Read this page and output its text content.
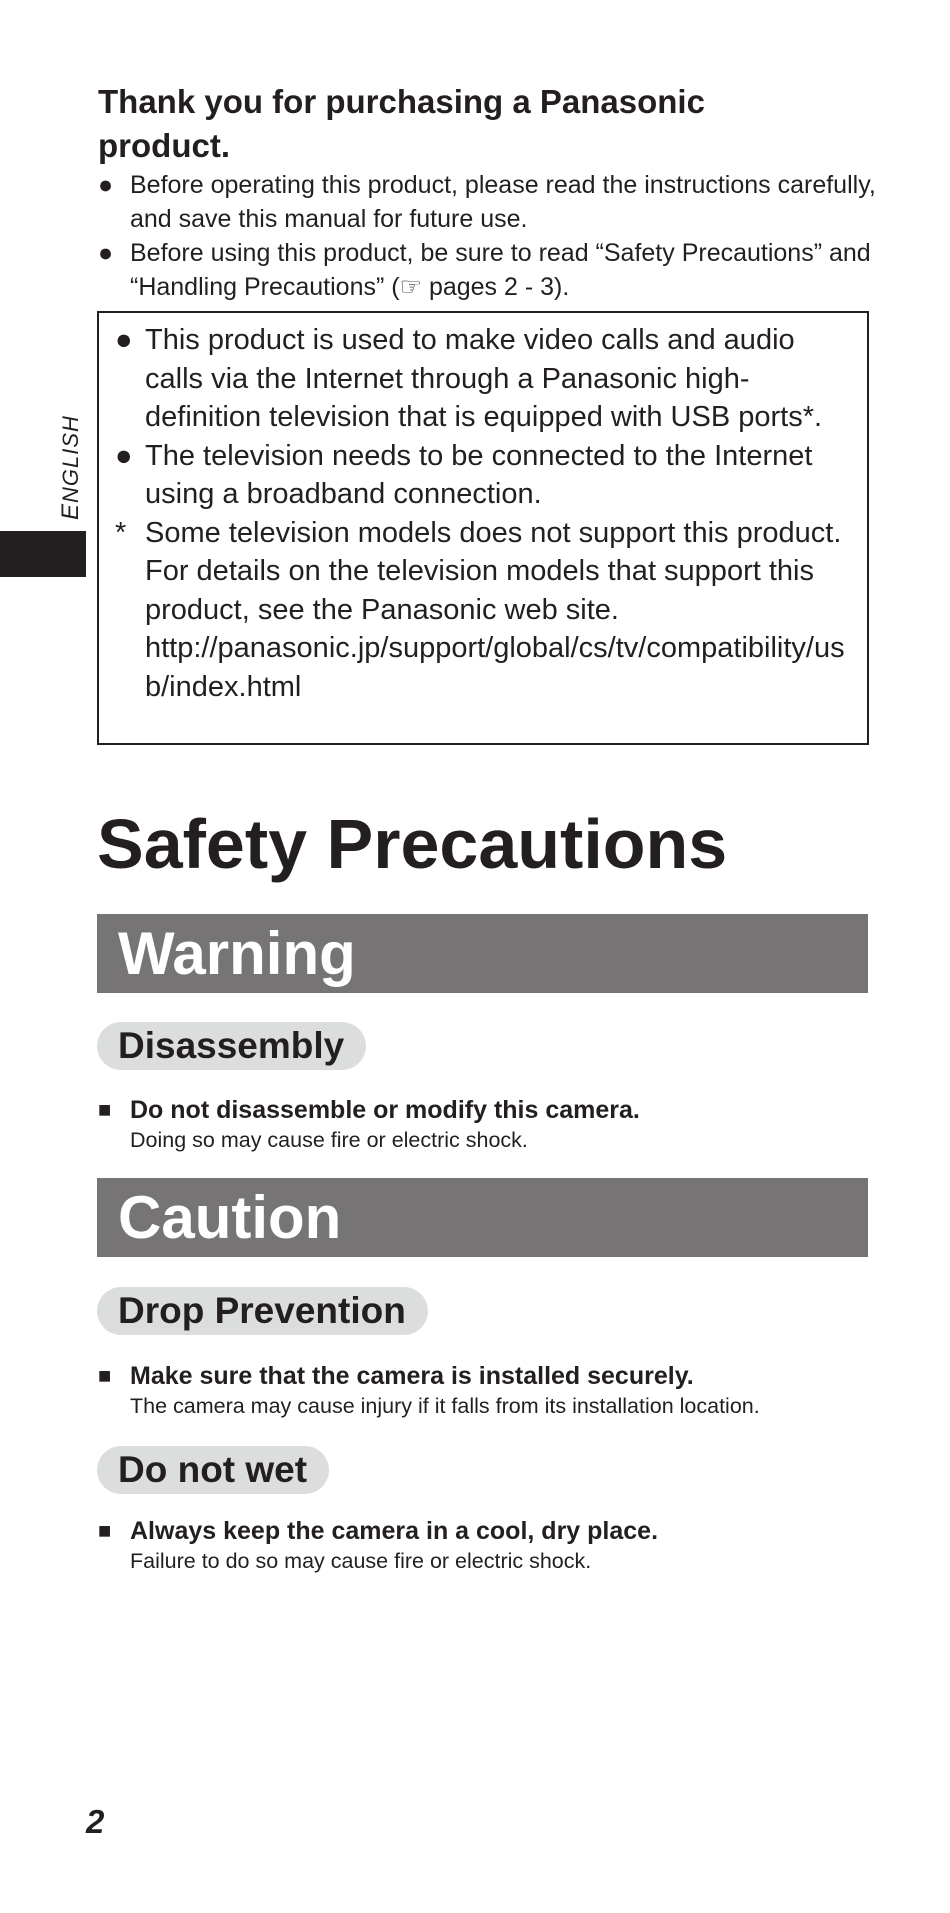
ENGLISH
Thank you for purchasing a Panasonic product.
● Before operating this product, please read the instructions carefully, and save this manual for future use.
● Before using this product, be sure to read “Safety Precautions” and “Handling Precautions” (☞ pages 2 - 3).
● This product is used to make video calls and audio calls via the Internet through a Panasonic high-definition television that is equipped with USB ports*.
● The television needs to be connected to the Internet using a broadband connection.
* Some television models does not support this product. For details on the television models that support this product, see the Panasonic web site.
http://panasonic.jp/support/global/cs/tv/compatibility/usb/index.html
Safety Precautions
Warning
Disassembly
■ Do not disassemble or modify this camera.
Doing so may cause fire or electric shock.
Caution
Drop Prevention
■ Make sure that the camera is installed securely.
The camera may cause injury if it falls from its installation location.
Do not wet
■ Always keep the camera in a cool, dry place.
Failure to do so may cause fire or electric shock.
2
